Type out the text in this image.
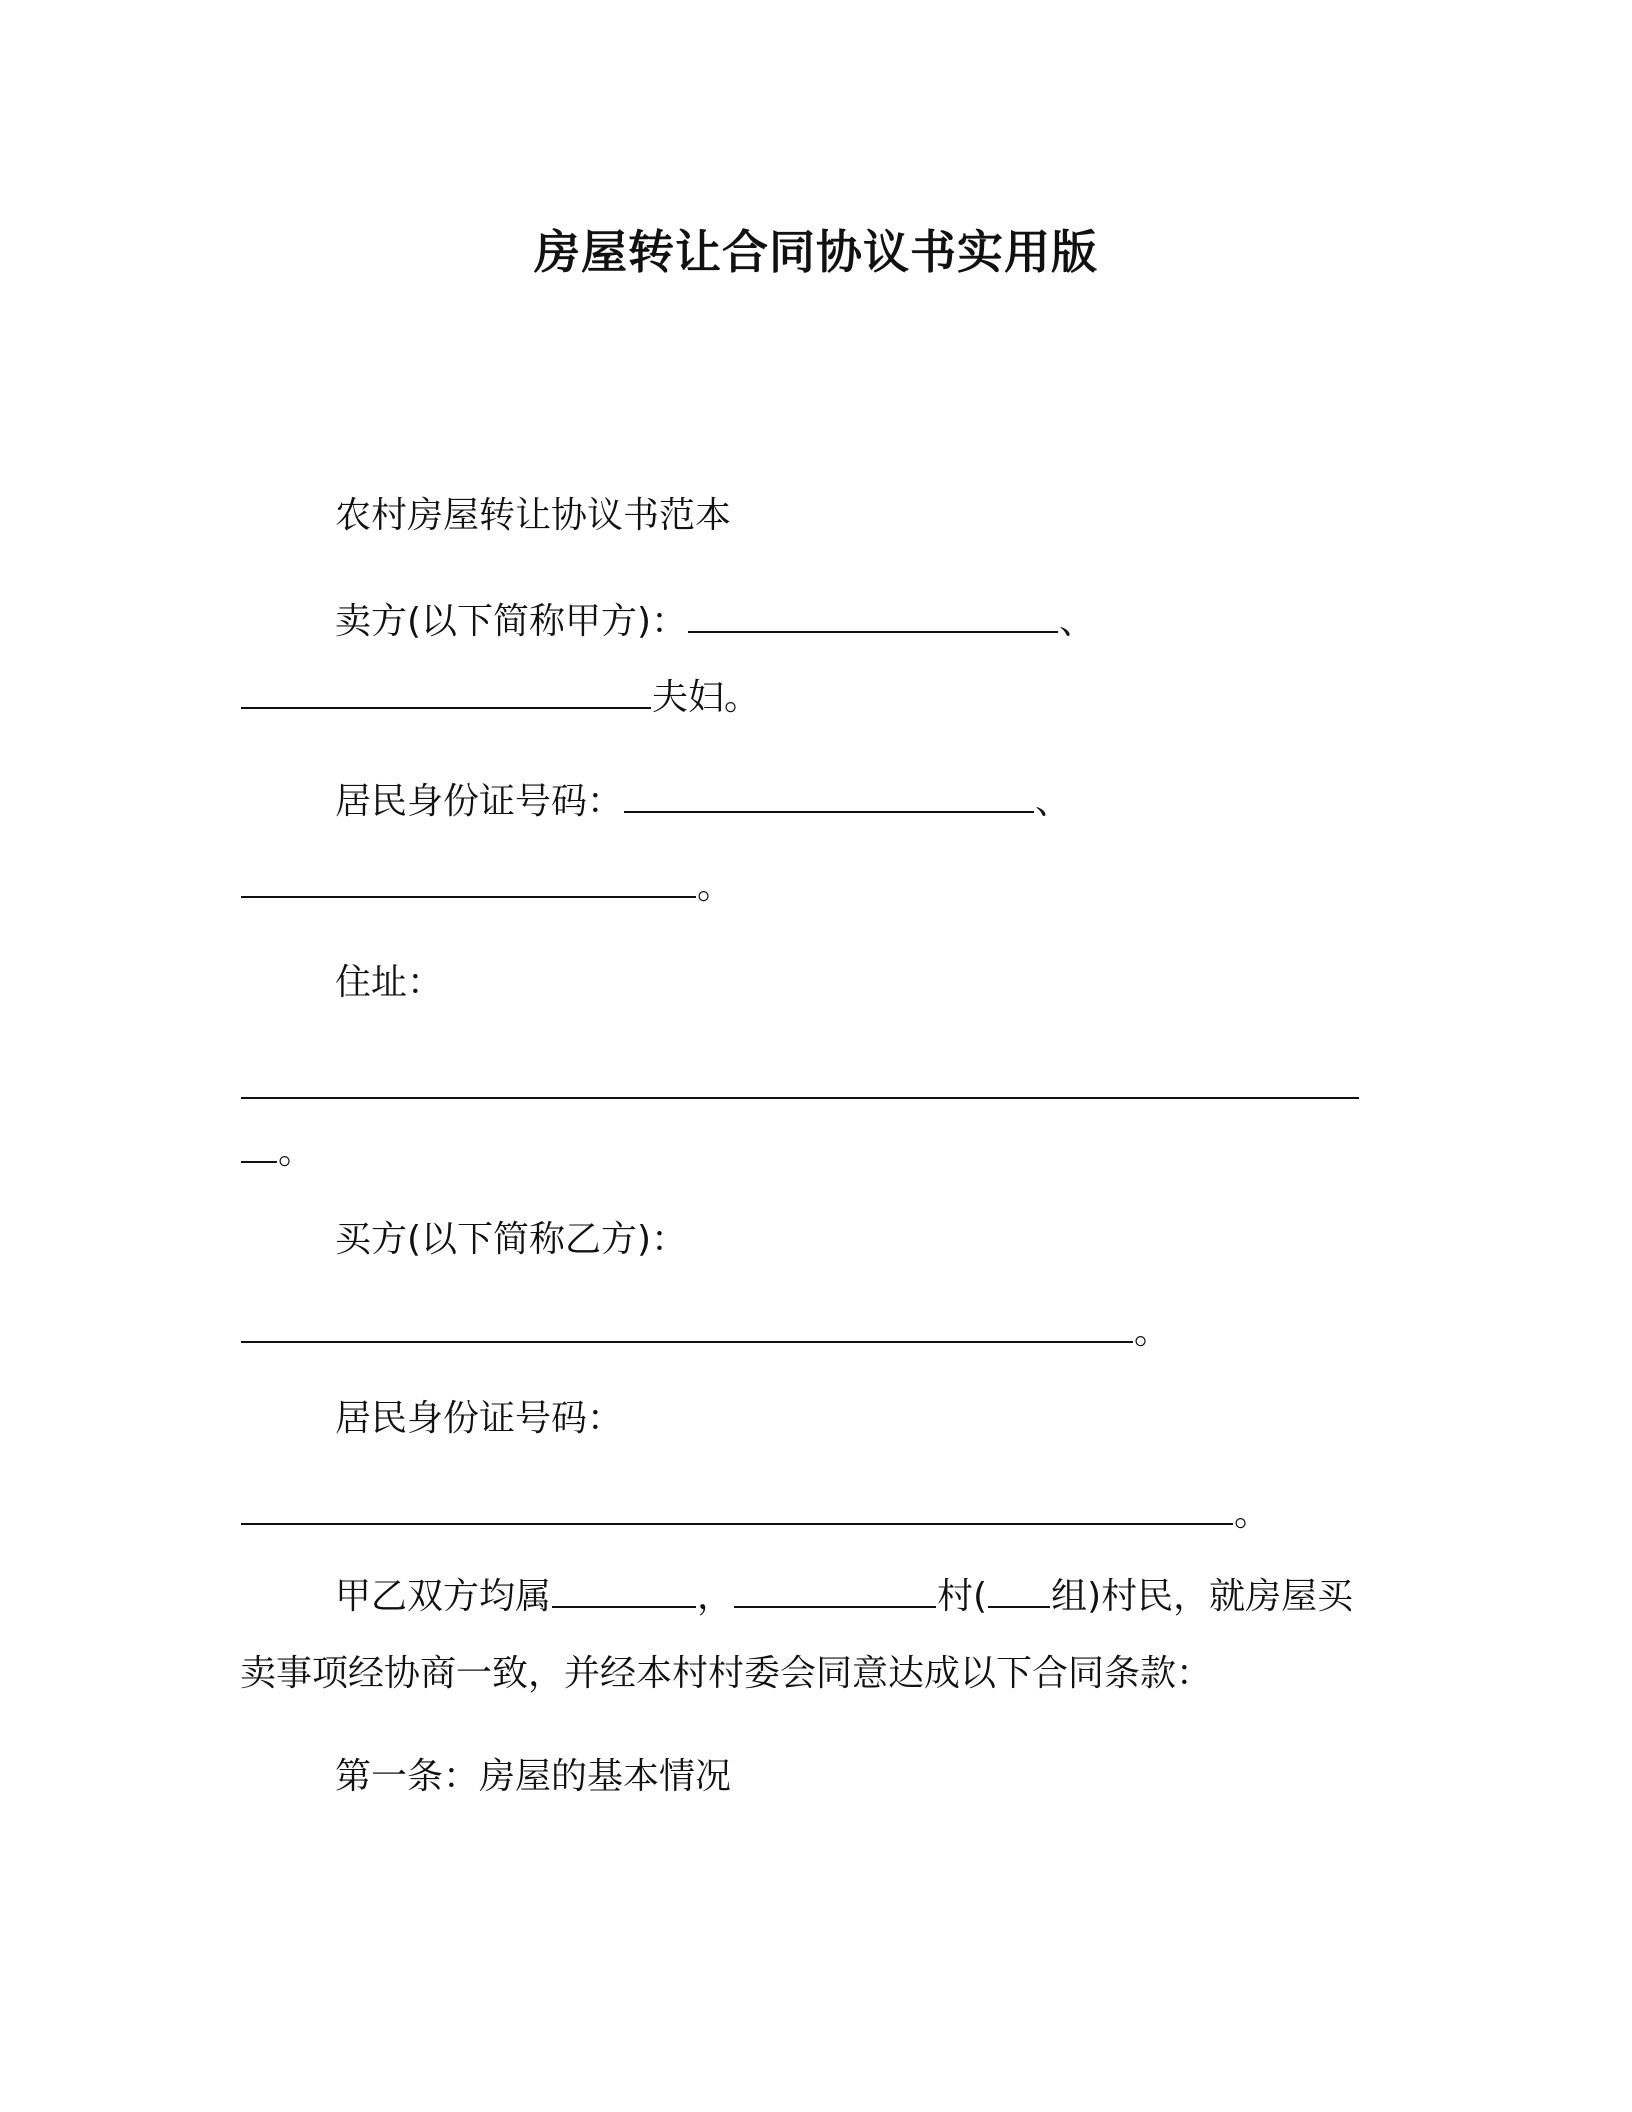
房屋转让合同协议书实用版
农村房屋转让协议书范本
卖方(以下简称甲方)：	、
夫妇。
居民身份证号码：	、
。
住址：
。
买方(以下简称乙方)：
。
居民身份证号码：
。
甲乙双方均属	，	村( 组)村民，就房屋买
卖事项经协商一致，并经本村村委会同意达成以下合同条款：
第一条：房屋的基本情况
